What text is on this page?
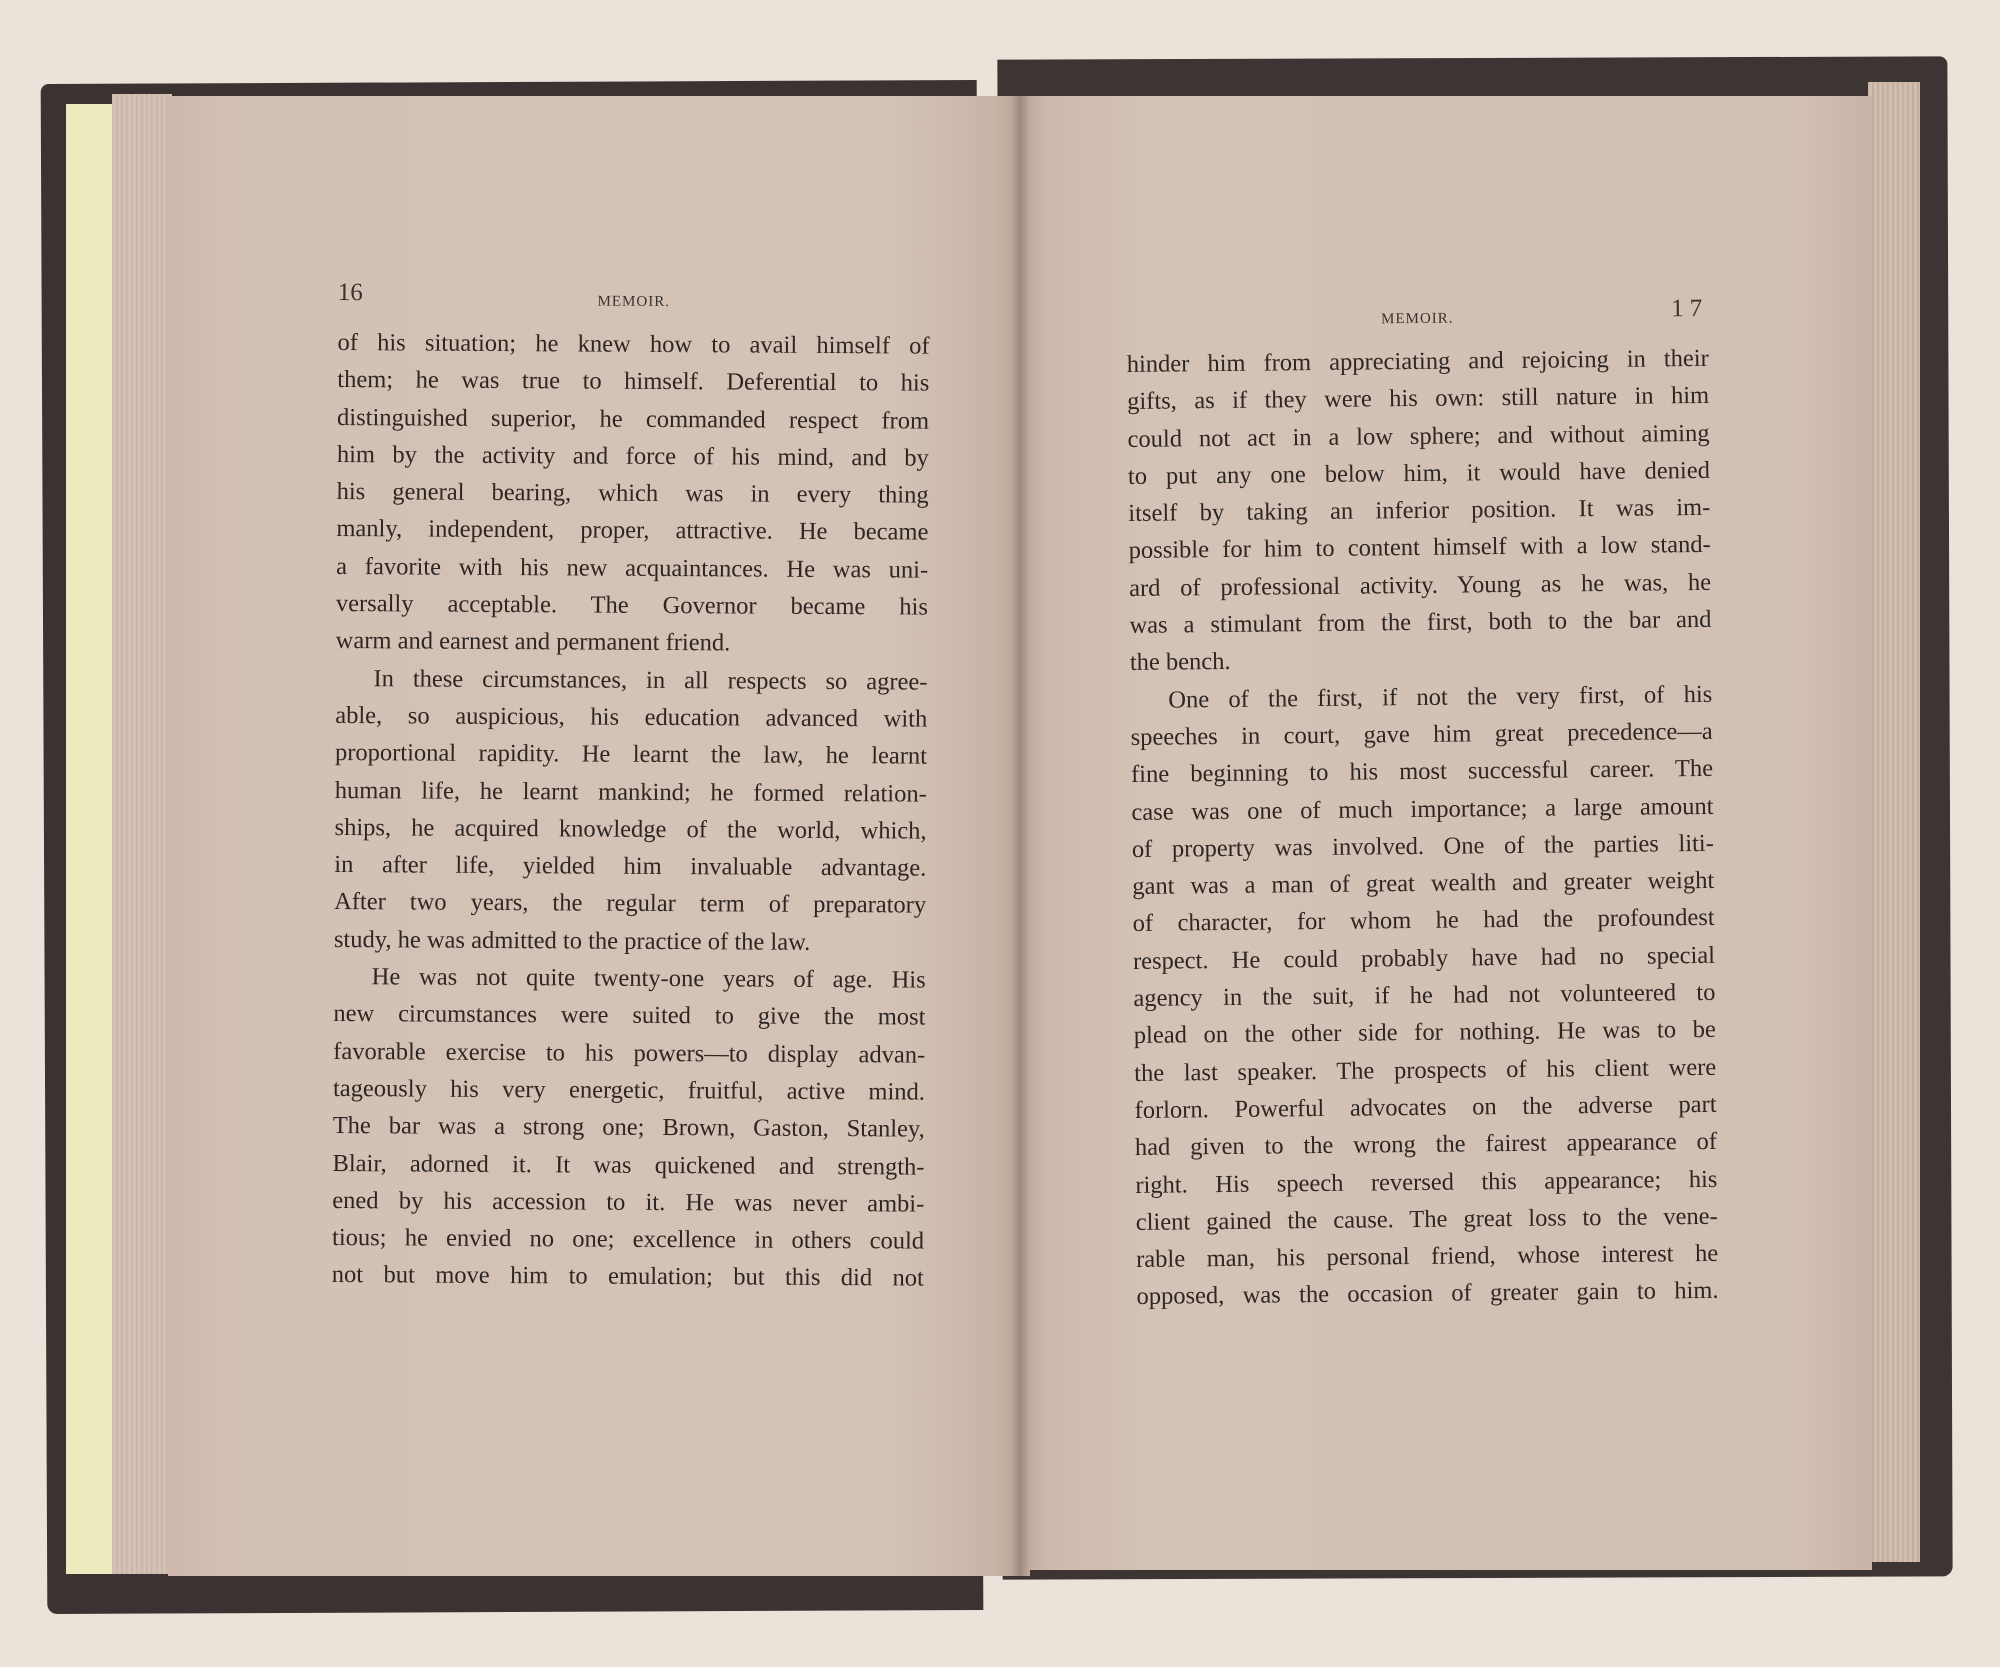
16	MEMOIR.
of his situation; he knew how to avail himself of
them; he was true to himself. Deferential to his
distinguished superior, he commanded respect from
him by the activity and force of his mind, and by
his general bearing, which was in every thing
manly, independent, proper, attractive. He became
a favorite with his new acquaintances. He was uni-
versally acceptable. The Governor became his
warm and earnest and permanent friend.
In these circumstances, in all respects so agree-
able, so auspicious, his education advanced with
proportional rapidity. He learnt the law, he learnt
human life, he learnt mankind; he formed relation-
ships, he acquired knowledge of the world, which,
in after life, yielded him invaluable advantage.
After two years, the regular term of preparatory
study, he was admitted to the practice of the law.
He was not quite twenty-one years of age. His
new circumstances were suited to give the most
favorable exercise to his powers—to display advan-
tageously his very energetic, fruitful, active mind.
The bar was a strong one; Brown, Gaston, Stanley,
Blair, adorned it. It was quickened and strength-
ened by his accession to it. He was never ambi-
tious; he envied no one; excellence in others could
not but move him to emulation; but this did not
MEMOIR.	17
hinder him from appreciating and rejoicing in their
gifts, as if they were his own: still nature in him
could not act in a low sphere; and without aiming
to put any one below him, it would have denied
itself by taking an inferior position. It was im-
possible for him to content himself with a low stand-
ard of professional activity. Young as he was, he
was a stimulant from the first, both to the bar and
the bench.
One of the first, if not the very first, of his
speeches in court, gave him great precedence—a
fine beginning to his most successful career. The
case was one of much importance; a large amount
of property was involved. One of the parties liti-
gant was a man of great wealth and greater weight
of character, for whom he had the profoundest
respect. He could probably have had no special
agency in the suit, if he had not volunteered to
plead on the other side for nothing. He was to be
the last speaker. The prospects of his client were
forlorn. Powerful advocates on the adverse part
had given to the wrong the fairest appearance of
right. His speech reversed this appearance; his
client gained the cause. The great loss to the vene-
rable man, his personal friend, whose interest he
opposed, was the occasion of greater gain to him.
